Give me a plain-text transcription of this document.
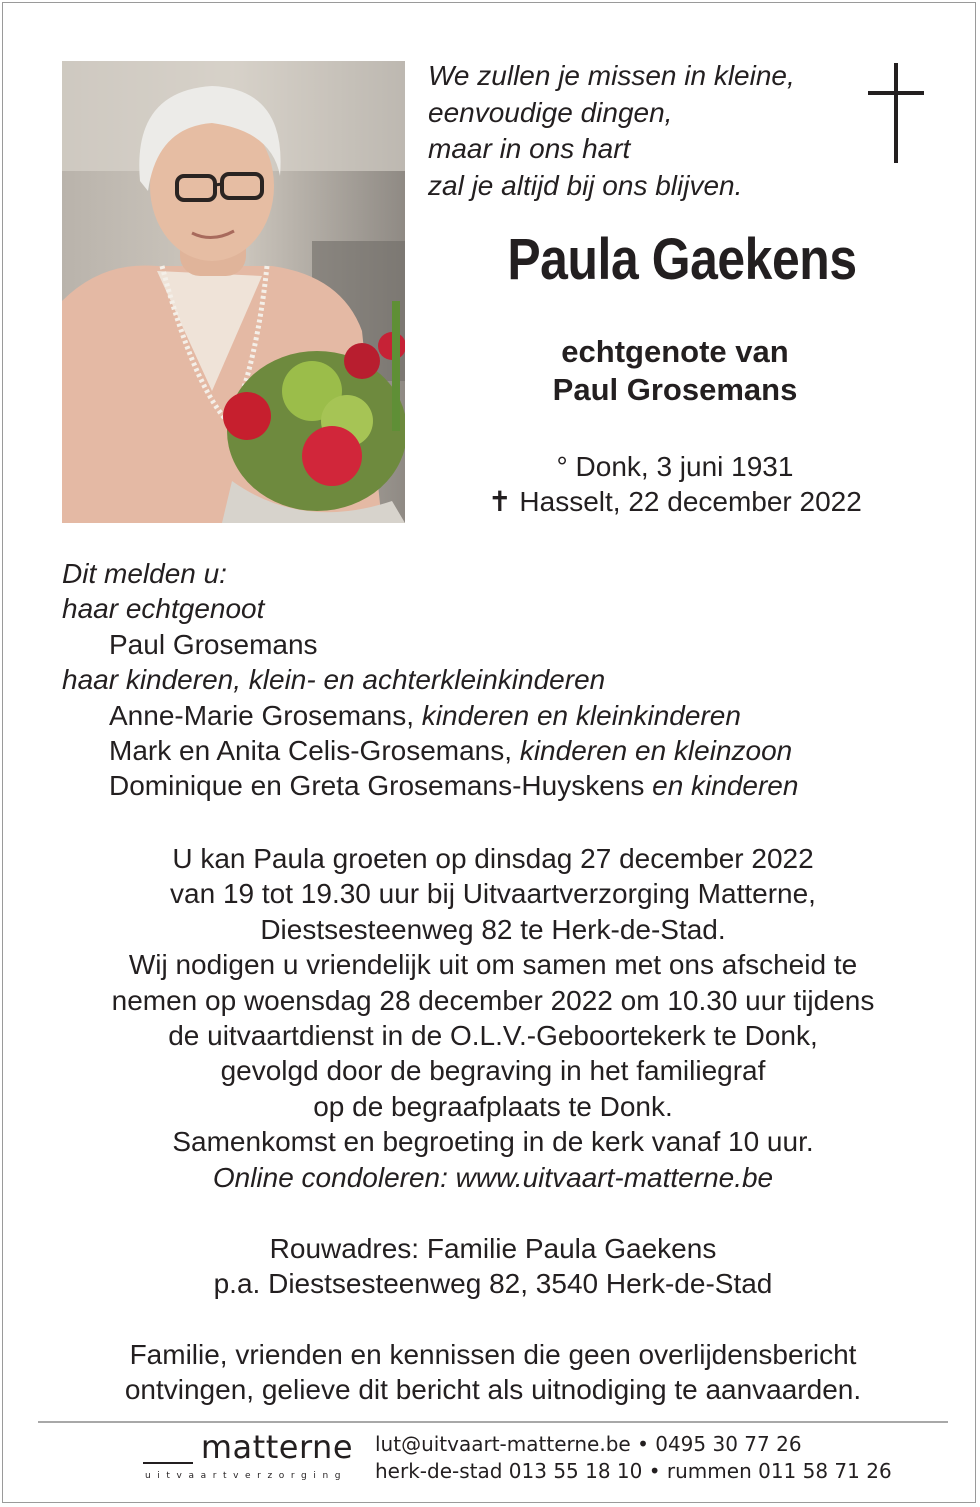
We zullen je missen in kleine,
eenvoudige dingen,
maar in ons hart
zal je altijd bij ons blijven.
Paula Gaekens
echtgenote van
Paul Grosemans
° Donk, 3 juni 1931
✝ Hasselt, 22 december 2022
Dit melden u:
haar echtgenoot
Paul Grosemans
haar kinderen, klein- en achterkleinkinderen
Anne-Marie Grosemans, kinderen en kleinkinderen
Mark en Anita Celis-Grosemans, kinderen en kleinzoon
Dominique en Greta Grosemans-Huyskens en kinderen
U kan Paula groeten op dinsdag 27 december 2022
van 19 tot 19.30 uur bij Uitvaartverzorging Matterne,
Diestsesteenweg 82 te Herk-de-Stad.
Wij nodigen u vriendelijk uit om samen met ons afscheid te
nemen op woensdag 28 december 2022 om 10.30 uur tijdens
de uitvaartdienst in de O.L.V.-Geboortekerk te Donk,
gevolgd door de begraving in het familiegraf
op de begraafplaats te Donk.
Samenkomst en begroeting in de kerk vanaf 10 uur.
Online condoleren: www.uitvaart-matterne.be
Rouwadres: Familie Paula Gaekens
p.a. Diestsesteenweg 82, 3540 Herk-de-Stad
Familie, vrienden en kennissen die geen overlijdensbericht
ontvingen, gelieve dit bericht als uitnodiging te aanvaarden.
matterne
uitvaartverzorging
lut@uitvaart-matterne.be • 0495 30 77 26
herk-de-stad 013 55 18 10 • rummen 011 58 71 26
